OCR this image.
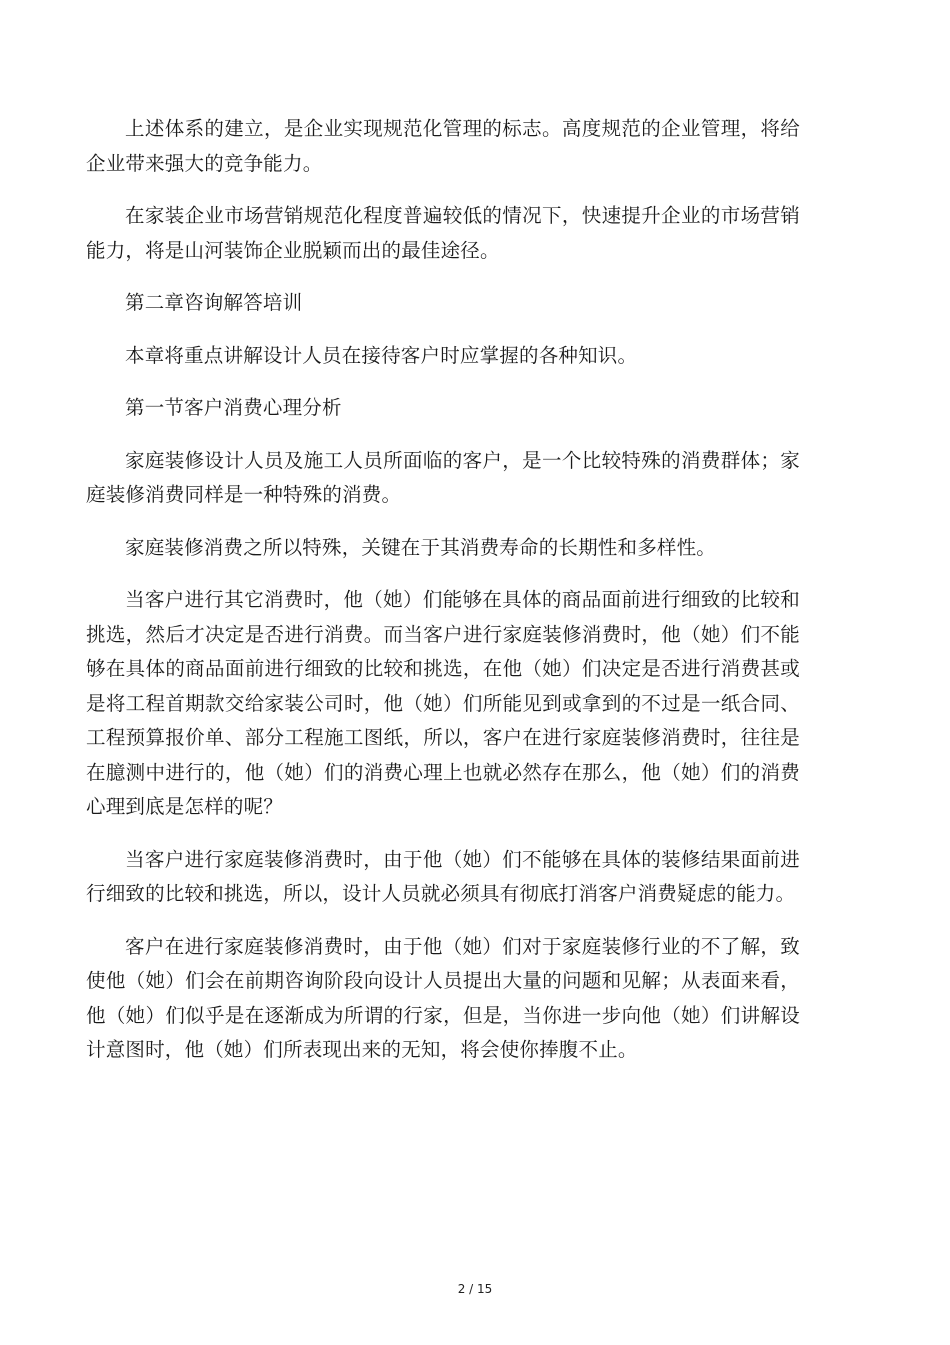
上述体系的建立，是企业实现规范化管理的标志。高度规范的企业管理，将给企业带来强大的竞争能力。

在家装企业市场营销规范化程度普遍较低的情况下，快速提升企业的市场营销能力，将是山河装饰企业脱颖而出的最佳途径。

第二章咨询解答培训

本章将重点讲解设计人员在接待客户时应掌握的各种知识。

第一节客户消费心理分析

家庭装修设计人员及施工人员所面临的客户，是一个比较特殊的消费群体；家庭装修消费同样是一种特殊的消费。

家庭装修消费之所以特殊，关键在于其消费寿命的长期性和多样性。

当客户进行其它消费时，他（她）们能够在具体的商品面前进行细致的比较和挑选，然后才决定是否进行消费。而当客户进行家庭装修消费时，他（她）们不能够在具体的商品面前进行细致的比较和挑选，在他（她）们决定是否进行消费甚或是将工程首期款交给家装公司时，他（她）们所能见到或拿到的不过是一纸合同、工程预算报价单、部分工程施工图纸，所以，客户在进行家庭装修消费时，往往是在臆测中进行的，他（她）们的消费心理上也就必然存在那么，他（她）们的消费心理到底是怎样的呢？

当客户进行家庭装修消费时，由于他（她）们不能够在具体的装修结果面前进行细致的比较和挑选，所以，设计人员就必须具有彻底打消客户消费疑虑的能力。

客户在进行家庭装修消费时，由于他（她）们对于家庭装修行业的不了解，致使他（她）们会在前期咨询阶段向设计人员提出大量的问题和见解；从表面来看，他（她）们似乎是在逐渐成为所谓的行家，但是，当你进一步向他（她）们讲解设计意图时，他（她）们所表现出来的无知，将会使你捧腹不止。

2 / 15
